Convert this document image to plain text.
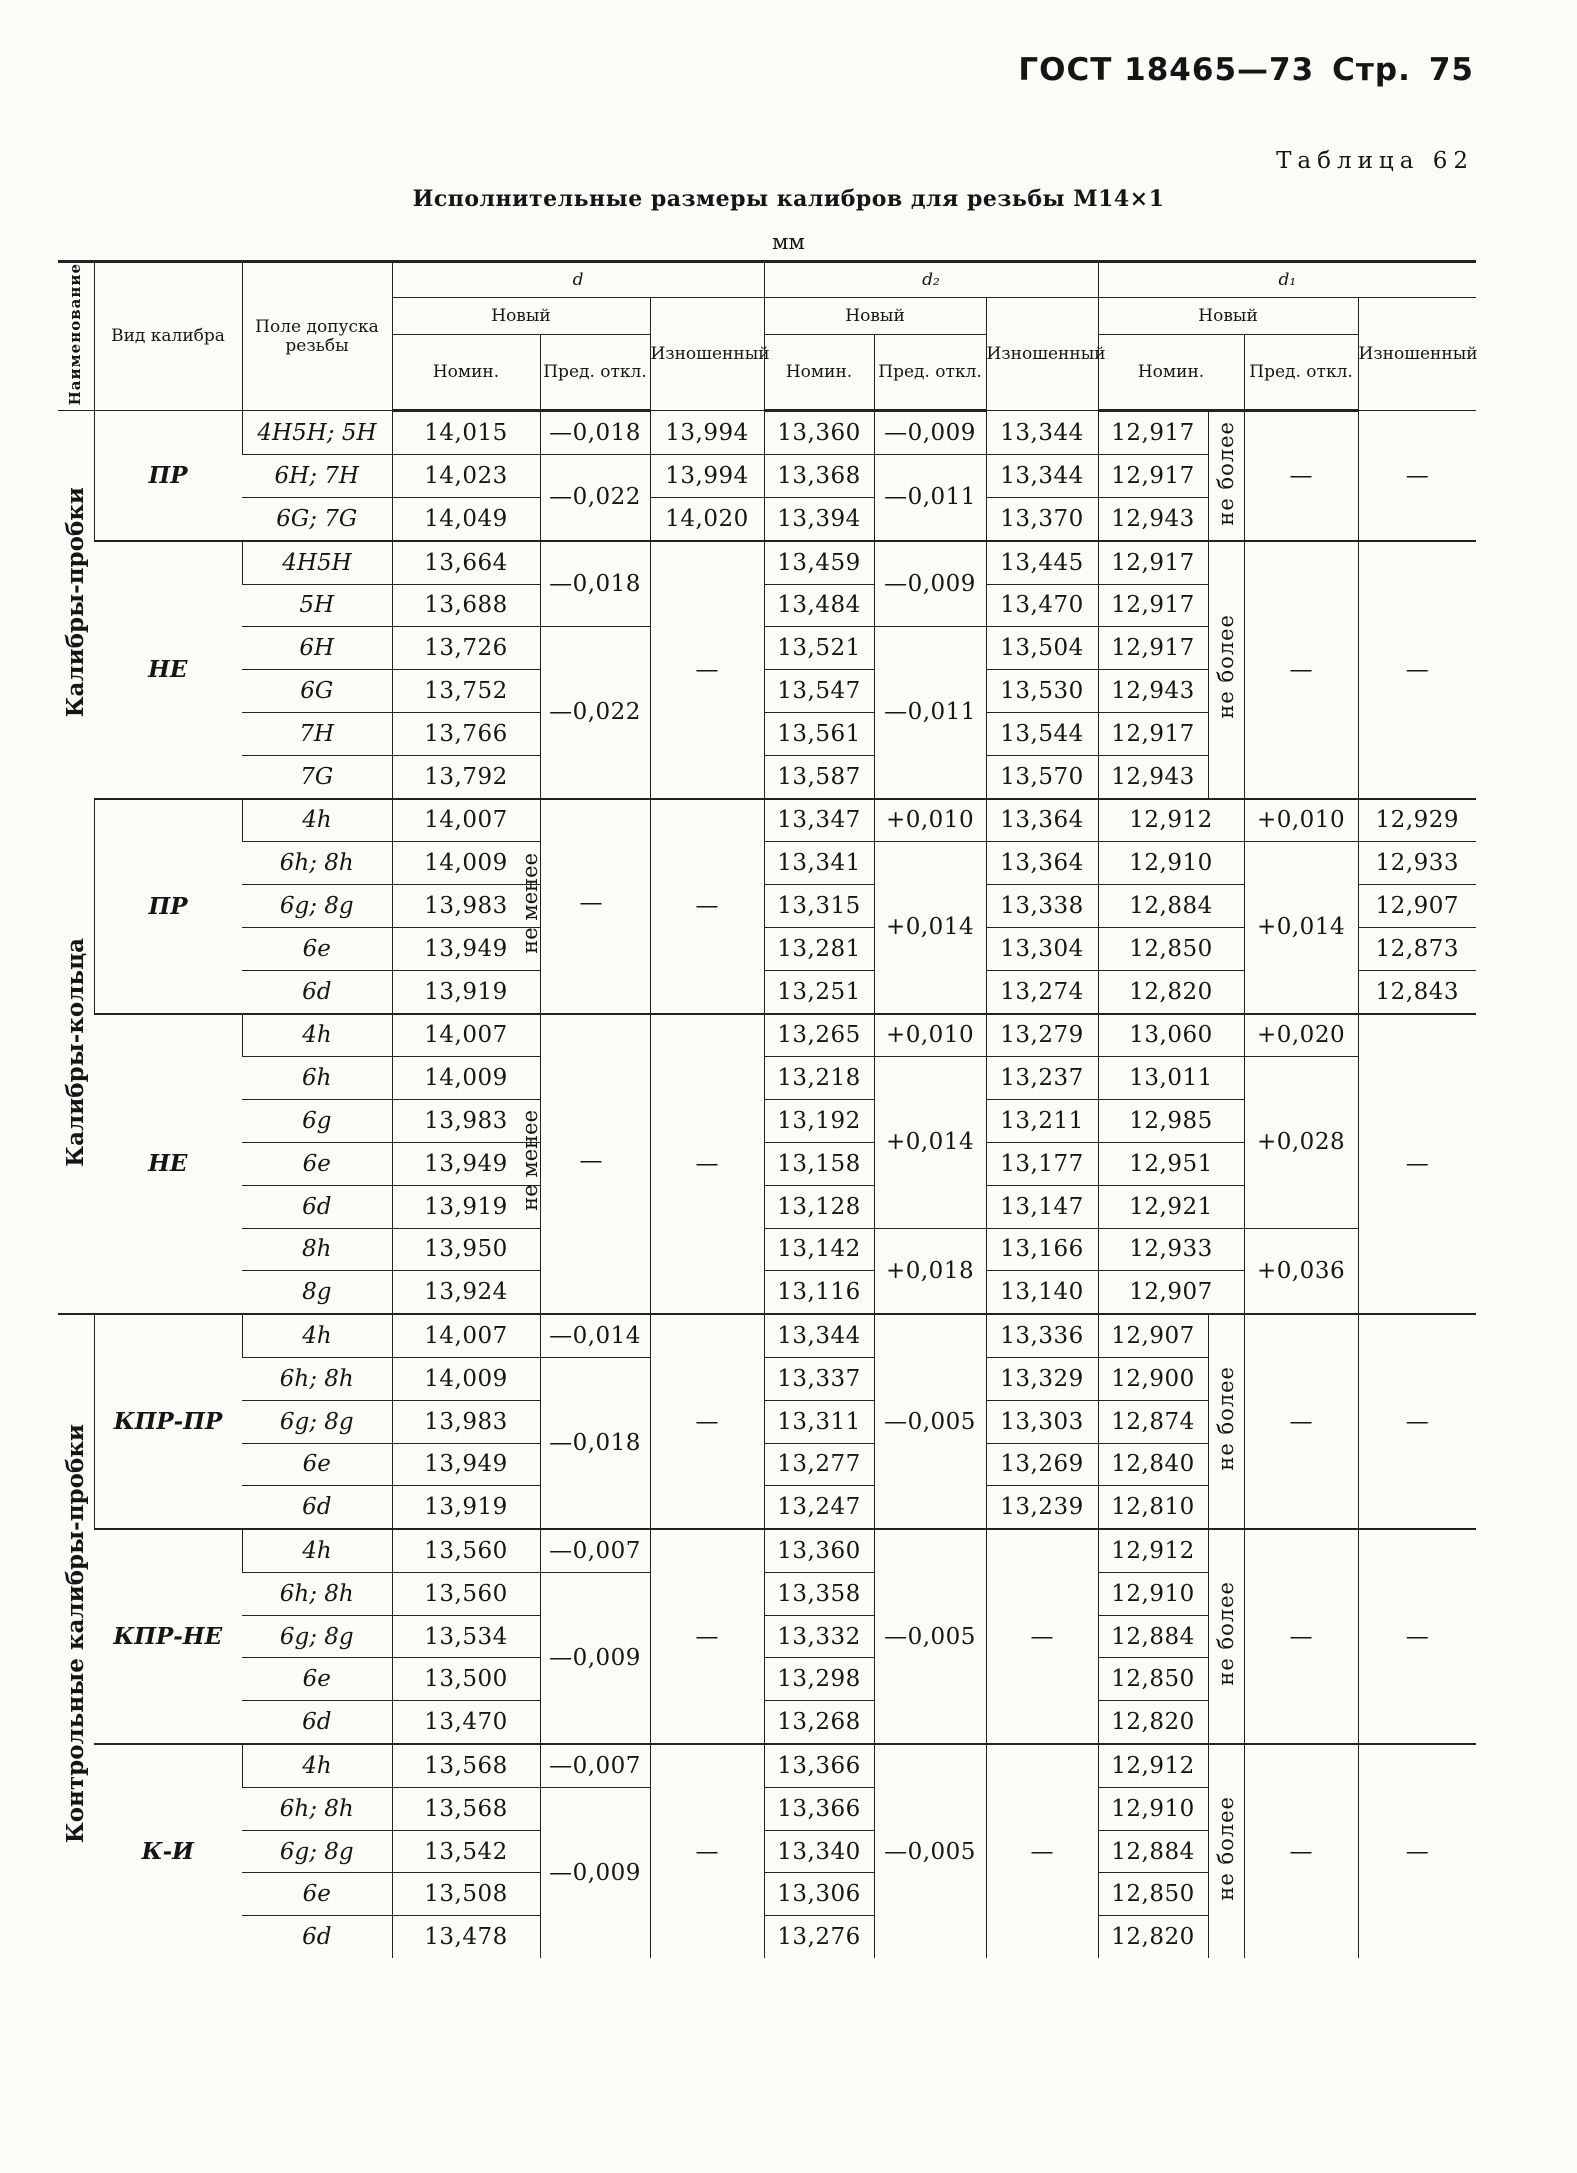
ГОСТ 18465—73 Стр. 75
Таблица 62
Исполнительные размеры калибров для резьбы М14×1
мм
Наименование	Вид калибра	Поле допуска резьбы	d			d₂			d₁			
			Новый		Изношенный	Новый		Изношенный	Новый			Изношенный
			Номин.	Пред. откл.		Номин.	Пред. откл.		Номин.		Пред. откл.	
Калибры-пробки	ПР	4H5H; 5H	14,015	—0,018	13,994	13,360	—0,009	13,344	12,917	не более	—	—
		6H; 7H	14,023	—0,022	13,994	13,368	—0,011	13,344	12,917			
		6G; 7G	14,049		14,020	13,394		13,370	12,943			
	НЕ	4H5H	13,664	—0,018	—	13,459	—0,009	13,445	12,917	не более	—	—
		5H	13,688			13,484		13,470	12,917			
		6H	13,726	—0,022		13,521	—0,011	13,504	12,917			
		6G	13,752			13,547		13,530	12,943			
		7H	13,766			13,561		13,544	12,917			
		7G	13,792			13,587		13,570	12,943			
Калибры-кольца	ПР	4h	14,007	не менее —	—	13,347	+0,010	13,364	12,912		+0,010	12,929
		6h; 8h	14,009			13,341	+0,014	13,364	12,910		+0,014	12,933
		6g; 8g	13,983			13,315		13,338	12,884			12,907
		6e	13,949			13,281		13,304	12,850			12,873
		6d	13,919			13,251		13,274	12,820			12,843
	НЕ	4h	14,007	не менее —	—	13,265	+0,010	13,279	13,060		+0,020	—
		6h	14,009			13,218	+0,014	13,237	13,011		+0,028	
		6g	13,983			13,192		13,211	12,985			
		6e	13,949			13,158		13,177	12,951			
		6d	13,919			13,128		13,147	12,921			
		8h	13,950			13,142	+0,018	13,166	12,933		+0,036	
		8g	13,924			13,116		13,140	12,907			
Контрольные калибры-пробки	КПР-ПР	4h	14,007	—0,014	—	13,344	—0,005	13,336	12,907	не более	—	—
		6h; 8h	14,009	—0,018		13,337		13,329	12,900			
		6g; 8g	13,983			13,311		13,303	12,874			
		6e	13,949			13,277		13,269	12,840			
		6d	13,919			13,247		13,239	12,810			
	КПР-НЕ	4h	13,560	—0,007	—	13,360	—0,005	—	12,912	не более	—	—
		6h; 8h	13,560	—0,009		13,358			12,910			
		6g; 8g	13,534			13,332			12,884			
		6e	13,500			13,298			12,850			
		6d	13,470			13,268			12,820			
	К-И	4h	13,568	—0,007	—	13,366	—0,005	—	12,912	не более	—	—
		6h; 8h	13,568	—0,009		13,366			12,910			
		6g; 8g	13,542			13,340			12,884			
		6e	13,508			13,306			12,850			
		6d	13,478			13,276			12,820			
